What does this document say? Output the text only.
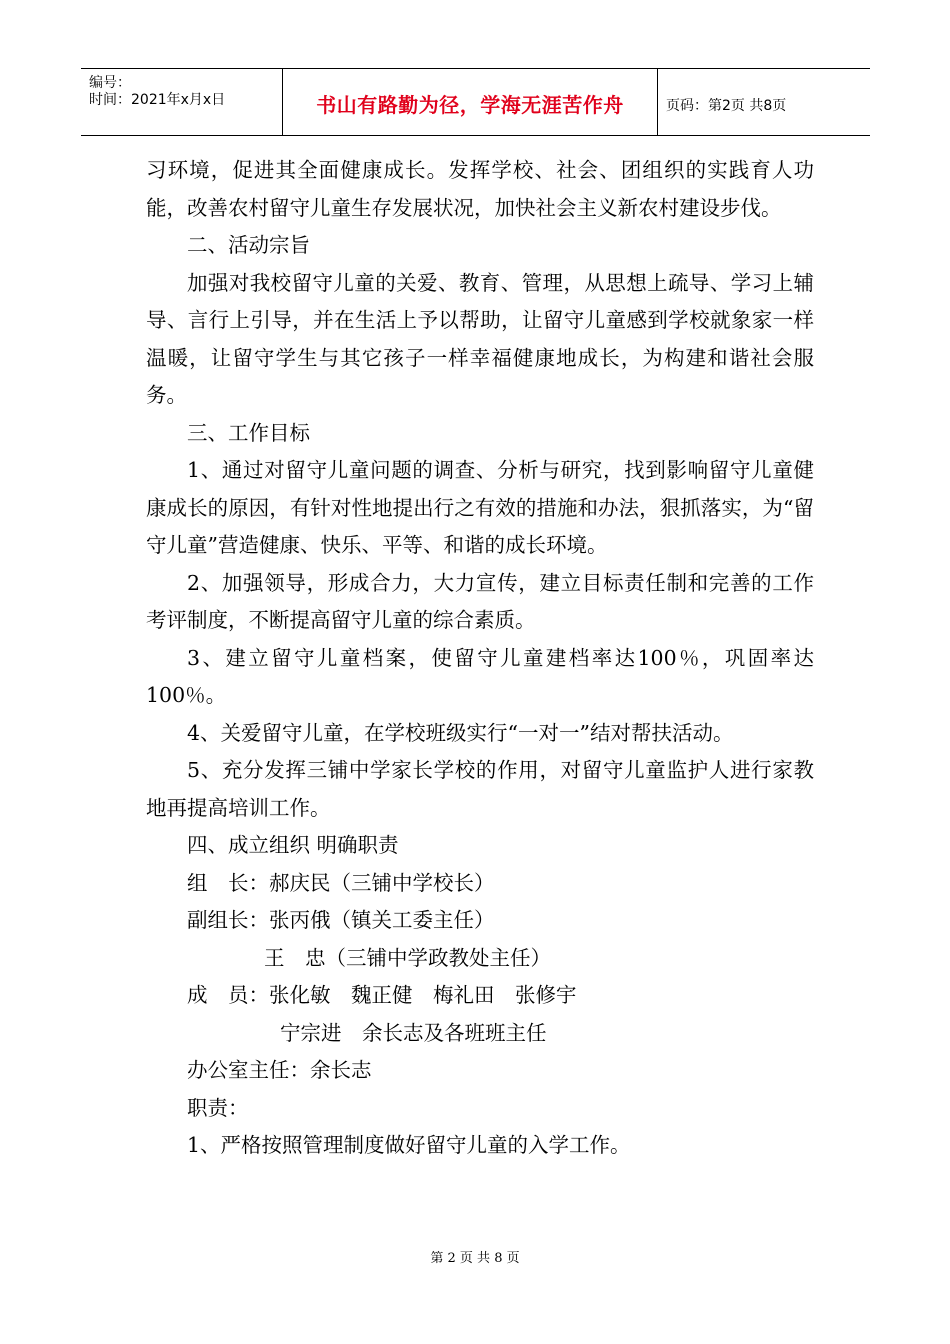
编号：
时间：2021年x月x日	书山有路勤为径，学海无涯苦作舟	页码：第2页 共8页

习环境，促进其全面健康成长。发挥学校、社会、团组织的实践育人功能，改善农村留守儿童生存发展状况，加快社会主义新农村建设步伐。

二、活动宗旨

加强对我校留守儿童的关爱、教育、管理，从思想上疏导、学习上辅导、言行上引导，并在生活上予以帮助，让留守儿童感到学校就象家一样温暖，让留守学生与其它孩子一样幸福健康地成长，为构建和谐社会服务。

三、工作目标

1、通过对留守儿童问题的调查、分析与研究，找到影响留守儿童健康成长的原因，有针对性地提出行之有效的措施和办法，狠抓落实，为“留守儿童”营造健康、快乐、平等、和谐的成长环境。

2、加强领导，形成合力，大力宣传，建立目标责任制和完善的工作考评制度，不断提高留守儿童的综合素质。

3、建立留守儿童档案，使留守儿童建档率达100％，巩固率达100％。

4、关爱留守儿童，在学校班级实行“一对一”结对帮扶活动。

5、充分发挥三铺中学家长学校的作用，对留守儿童监护人进行家教地再提高培训工作。

四、成立组织 明确职责

组　长：郝庆民（三铺中学校长）

副组长：张丙俄（镇关工委主任）

王　忠（三铺中学政教处主任）

成　员：张化敏　魏正健　梅礼田　张修宇

宁宗进　余长志及各班班主任

办公室主任：余长志

职责：

1、严格按照管理制度做好留守儿童的入学工作。

第 2 页 共 8 页
